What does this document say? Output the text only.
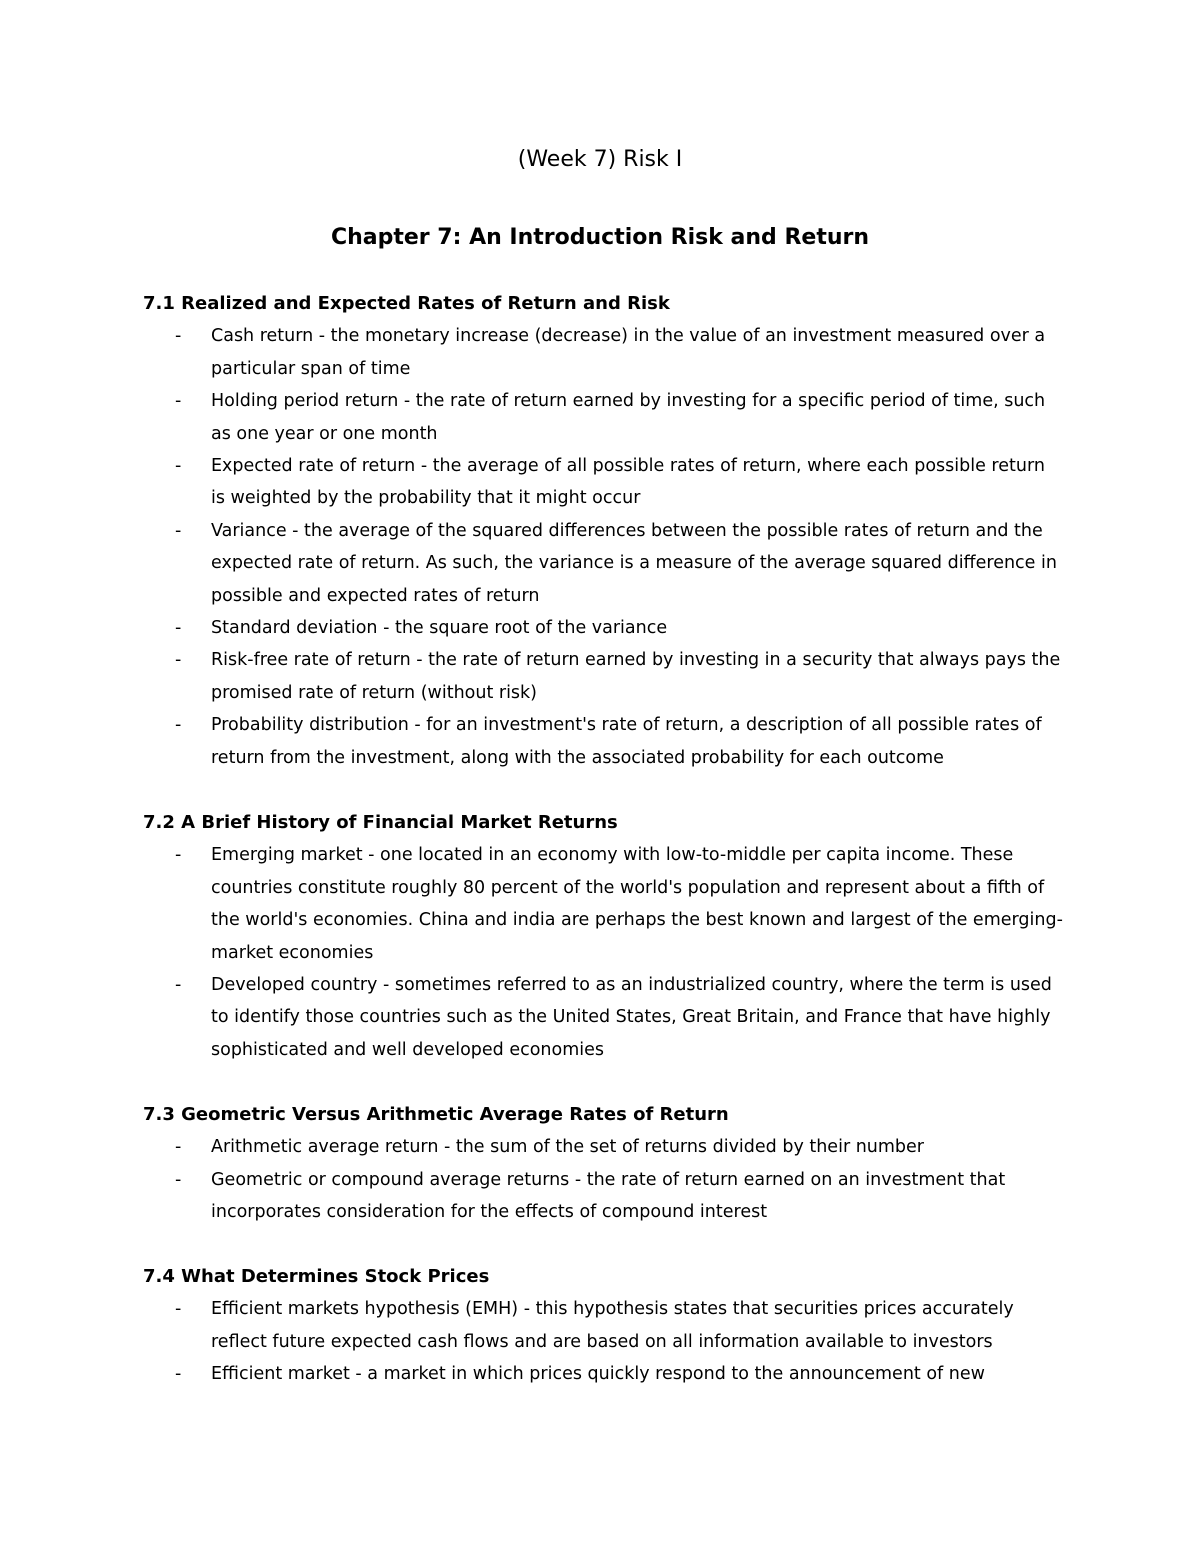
(Week 7) Risk I
Chapter 7: An Introduction Risk and Return
7.1 Realized and Expected Rates of Return and Risk
- Cash return - the monetary increase (decrease) in the value of an investment measured over a particular span of time
- Holding period return - the rate of return earned by investing for a specific period of time, such as one year or one month
- Expected rate of return - the average of all possible rates of return, where each possible return is weighted by the probability that it might occur
- Variance - the average of the squared differences between the possible rates of return and the expected rate of return. As such, the variance is a measure of the average squared difference in possible and expected rates of return
- Standard deviation - the square root of the variance
- Risk-free rate of return - the rate of return earned by investing in a security that always pays the promised rate of return (without risk)
- Probability distribution - for an investment's rate of return, a description of all possible rates of return from the investment, along with the associated probability for each outcome
7.2 A Brief History of Financial Market Returns
- Emerging market - one located in an economy with low-to-middle per capita income. These countries constitute roughly 80 percent of the world's population and represent about a fifth of the world's economies. China and india are perhaps the best known and largest of the emerging-market economies
- Developed country - sometimes referred to as an industrialized country, where the term is used to identify those countries such as the United States, Great Britain, and France that have highly sophisticated and well developed economies
7.3 Geometric Versus Arithmetic Average Rates of Return
- Arithmetic average return - the sum of the set of returns divided by their number
- Geometric or compound average returns - the rate of return earned on an investment that incorporates consideration for the effects of compound interest
7.4 What Determines Stock Prices
- Efficient markets hypothesis (EMH) - this hypothesis states that securities prices accurately reflect future expected cash flows and are based on all information available to investors
- Efficient market - a market in which prices quickly respond to the announcement of new
